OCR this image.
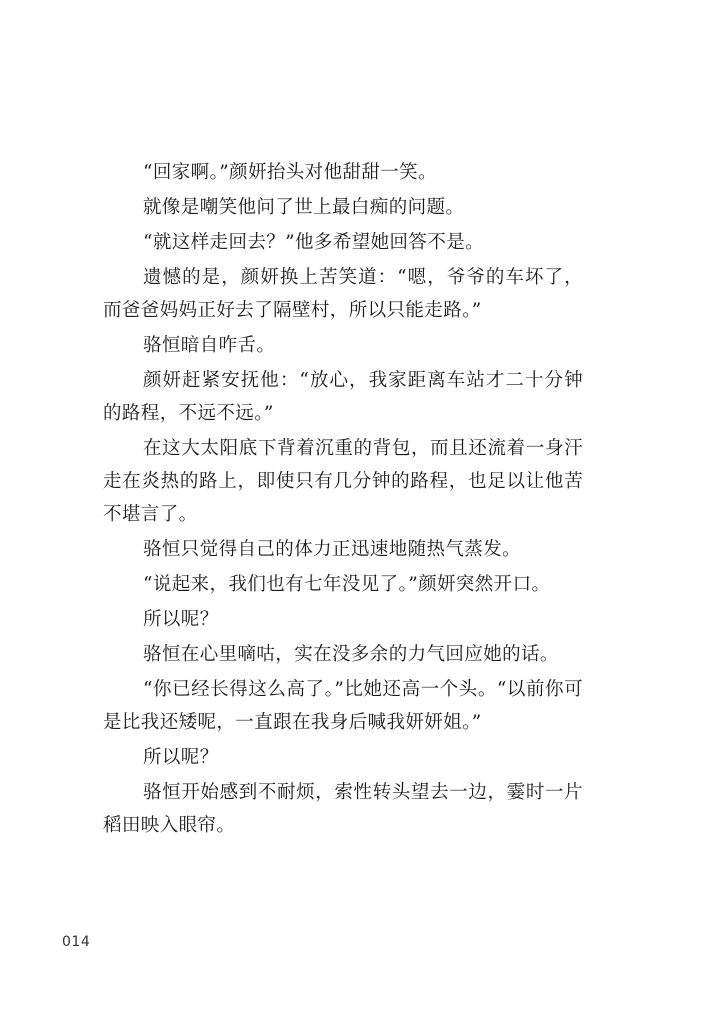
“回家啊。”颜妍抬头对他甜甜一笑。

就像是嘲笑他问了世上最白痴的问题。

“就这样走回去？”他多希望她回答不是。

遗憾的是，颜妍换上苦笑道：“嗯，爷爷的车坏了，而爸爸妈妈正好去了隔壁村，所以只能走路。”

骆恒暗自咋舌。

颜妍赶紧安抚他：“放心，我家距离车站才二十分钟的路程，不远不远。”

在这大太阳底下背着沉重的背包，而且还流着一身汗走在炎热的路上，即使只有几分钟的路程，也足以让他苦不堪言了。

骆恒只觉得自己的体力正迅速地随热气蒸发。

“说起来，我们也有七年没见了。”颜妍突然开口。

所以呢？

骆恒在心里嘀咕，实在没多余的力气回应她的话。

“你已经长得这么高了。”比她还高一个头。“以前你可是比我还矮呢，一直跟在我身后喊我妍妍姐。”

所以呢？

骆恒开始感到不耐烦，索性转头望去一边，霎时一片稻田映入眼帘。

014
